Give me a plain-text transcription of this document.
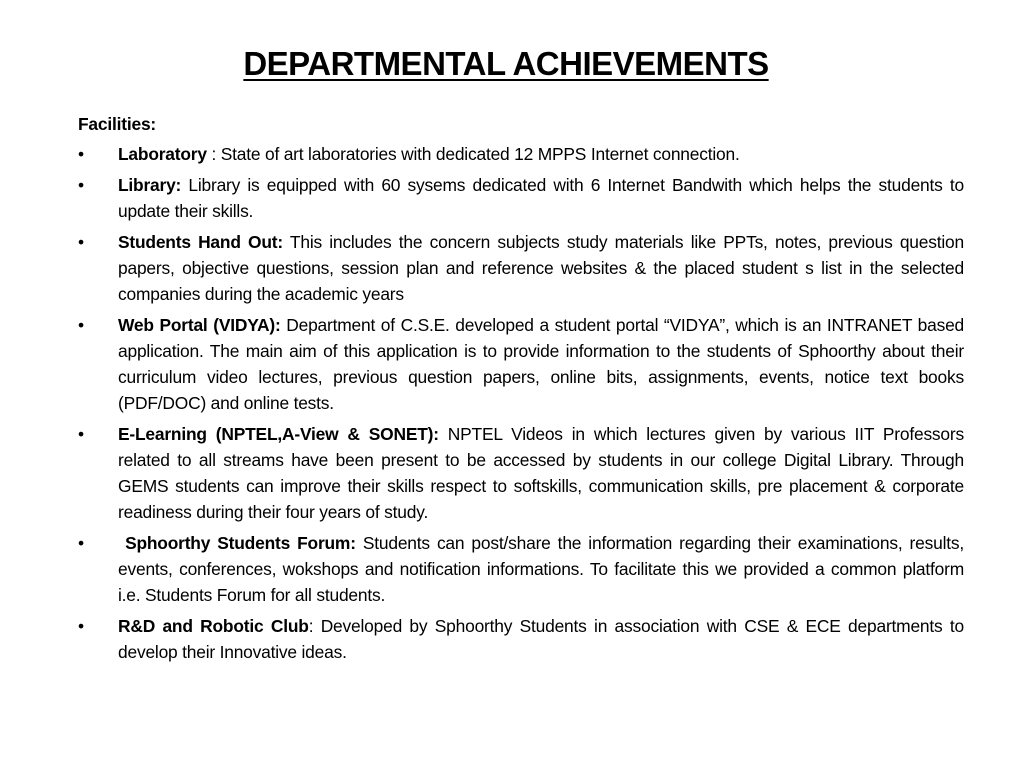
DEPARTMENTAL ACHIEVEMENTS
Facilities:
•	Laboratory : State of art laboratories with dedicated 12 MPPS Internet connection.
•	Library: Library is equipped with 60 sysems dedicated with 6 Internet Bandwith which helps the students to update their skills.
•	Students Hand Out: This includes the concern subjects study materials like PPTs, notes, previous question papers, objective questions, session plan and reference websites & the placed student s list in the selected companies during the academic years
•	Web Portal (VIDYA): Department of C.S.E. developed a student portal “VIDYA”, which is an INTRANET based application. The main aim of this application is to provide information to the students of Sphoorthy about their curriculum video lectures, previous question papers, online bits, assignments, events, notice text books (PDF/DOC) and online tests.
•	E-Learning (NPTEL,A-View & SONET): NPTEL Videos in which lectures given by various IIT Professors related to all streams have been present to be accessed by students in our college Digital Library. Through GEMS students can improve their skills respect to softskills, communication skills, pre placement & corporate readiness during their four years of study.
•	Sphoorthy Students Forum: Students can post/share the information regarding their examinations, results, events, conferences, wokshops and notification informations. To facilitate this we provided a common platform i.e. Students Forum for all students.
•	R&D and Robotic Club: Developed by Sphoorthy Students in association with CSE & ECE departments to develop their Innovative ideas.
